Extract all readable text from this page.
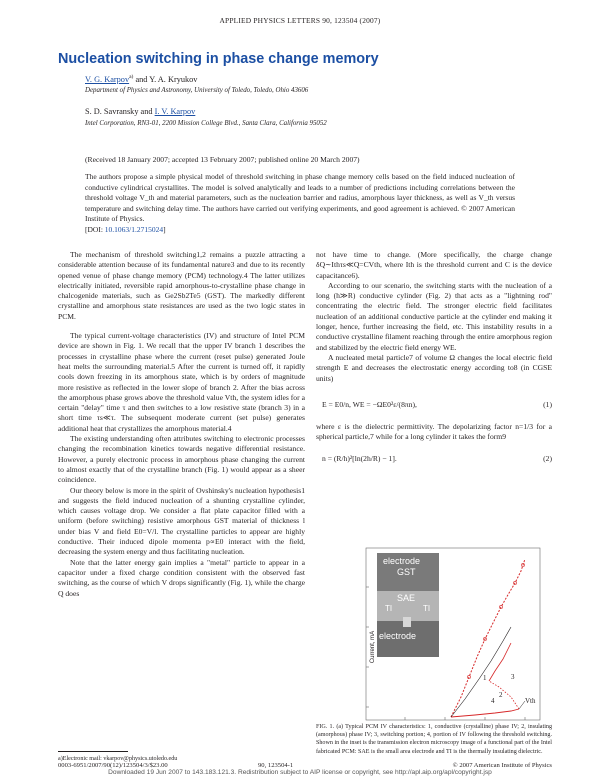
APPLIED PHYSICS LETTERS 90, 123504 (2007)
Nucleation switching in phase change memory
V. G. Karpov$^{a)}$ and Y. A. Kryukov
Department of Physics and Astronomy, University of Toledo, Toledo, Ohio 43606
S. D. Savransky and I. V. Karpov
Intel Corporation, RN3-01, 2200 Mission College Blvd., Santa Clara, California 95052
(Received 18 January 2007; accepted 13 February 2007; published online 20 March 2007)
The authors propose a simple physical model of threshold switching in phase change memory cells based on the field induced nucleation of conductive cylindrical crystallites. The model is solved analytically and leads to a number of predictions including correlations between the threshold voltage V_th and material parameters, such as the nucleation barrier and radius, amorphous layer thickness, as well as V_th versus temperature and switching delay time. The authors have carried out verifying experiments, and good agreement is achieved. © 2007 American Institute of Physics.
[DOI: 10.1063/1.2715024]

The mechanism of threshold switching1,2 remains a puzzle attracting a considerable attention because of its fundamental nature3 and due to its recently opened venue of phase change memory (PCM) technology.4 The latter utilizes electrically initiated, reversible rapid amorphous-to-crystalline phase change in chalcogenide materials, such as Ge2Sb2Te5 (GST). The markedly different crystalline and amorphous state resistances are used as the two logic states in PCM.

The typical current-voltage characteristics (IV) and structure of Intel PCM device are shown in Fig. 1. We recall that the upper IV branch 1 describes the processes in crystalline phase where the current (reset pulse) generated Joule heat melts the surrounding material.5 After the current is turned off, it rapidly cools down freezing in its amorphous state, which is by orders of magnitude more resistive as reflected in the lower slope of branch 2. After the bias across the amorphous phase grows above the threshold value Vth, the system idles for a certain "delay" time τ and then switches to a low resistive state (branch 3) in a short time τs≪τ. The subsequent moderate current (set pulse) generates additional heat that crystallizes the amorphous material.4

The existing understanding often attributes switching to electronic processes changing the recombination kinetics towards negative differential resistance. However, a purely electronic process in amorphous phase changing the current to almost exactly that of the crystalline branch (Fig. 1) would appear as a sheer coincidence.

Our theory below is more in the spirit of Ovshinsky's nucleation hypothesis1 and suggests the field induced nucleation of a shunting crystalline cylinder, which causes voltage drop. We consider a flat plate capacitor filled with a uniform (before switching) resistive amorphous GST material of thickness l under bias V and field E0=V/l. The crystalline particles to appear are highly conductive. Their induced dipole momenta p∝E0 interact with the field, decreasing the system energy and thus facilitating nucleation.

Note that the latter energy gain implies a "metal" particle to appear in a capacitor under a fixed charge condition consistent with the observed fast switching, as the course of which V drops significantly (Fig. 1), while the charge Q does

not have time to change. (More specifically, the charge change δQ∼Ithτs≪Q=CVth, where Ith is the threshold current and C is the device capacitance6).

According to our scenario, the switching starts with the nucleation of a long (h≫R) conductive cylinder (Fig. 2) that acts as a "lightning rod" concentrating the electric field. The stronger electric field facilitates nucleation of an additional conductive particle at the cylinder end making it longer, hence, further increasing the field, etc. This instability results in a conductive crystalline filament reaching through the entire amorphous region and stabilized by the electric field energy WE.

A nucleated metal particle7 of volume Ω changes the local electric field strength E and decreases the electrostatic energy according to8 (in CGSE units)

E = E0/n, WE = −ΩE0²ε/(8πn),	(1)

where ε is the dielectric permittivity. The depolarizing factor n=1/3 for a spherical particle,7 while for a long cylinder it takes the form9

n = (R/h)²[ln(2h/R) − 1].	(2)
electrode
GST
SAE
TI	TI
electrode
Current, mA
1
2
3
4	Vth
FIG. 1. (a) Typical PCM IV characteristics: 1, conductive (crystalline) phase IV; 2, insulating (amorphous) phase IV; 3, switching portion; 4, portion of IV following the threshold switching. Shown in the inset is the transmission electron microscopy image of a functional part of the Intel fabricated PCM: SAE is the small area electrode and TI is the thermally insulating dielectric.
a)Electronic mail: vkarpov@physics.utoledo.edu
0003-6951/2007/90(12)/123504/3/$23.00	90, 123504-1	© 2007 American Institute of Physics
Downloaded 19 Jun 2007 to 143.183.121.3. Redistribution subject to AIP license or copyright, see http://apl.aip.org/apl/copyright.jsp
